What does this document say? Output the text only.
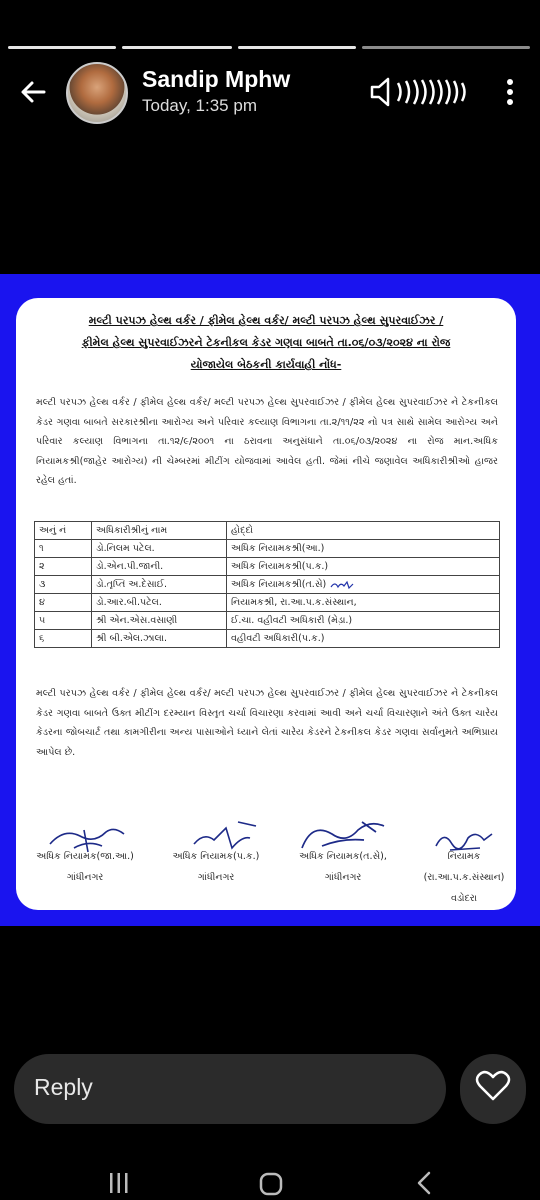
Sandip Mphw
Today, 1:35 pm
મલ્ટી પરપઝ હેલ્થ વર્કર / ફીમેલ હેલ્થ વર્કર/ મલ્ટી પરપઝ હેલ્થ સુપરવાઈઝર /
ફીમેલ હેલ્થ સુપરવાઈઝરને ટેકનીકલ કેડર ગણવા બાબતે તા.૦૬/૦૩/૨૦૨૪ ના રોજ
યોજાયેલ બેઠકની કાર્યવાહી નોંધ-
મલ્ટી પરપઝ હેલ્થ વર્કર / ફીમેલ હેલ્થ વર્કર/ મલ્ટી પરપઝ હેલ્થ સુપરવાઈઝર / ફીમેલ હેલ્થ સુપરવાઈઝર ને ટેકનીકલ કેડર ગણવા બાબતે સરકારશ્રીના આરોગ્ય અને પરિવાર કલ્યાણ વિભાગના તા.૨/૧૧/૨૨ નો પત્ર સાથે સામેલ આરોગ્ય અને પરિવાર કલ્યાણ વિભાગના તા.૧૨/૯/૨૦૦૧ ના ઠરાવના અનુસંધાને તા.૦૬/૦૩/૨૦૨૪ ના રોજ માન.અધિક નિયામકશ્રી(જાહેર આરોગ્ય) ની ચેમ્બરમાં મીટીંગ યોજવામાં આવેલ હતી. જેમાં નીચે જણાવેલ અધિકારીશ્રીઓ હાજર રહેલ હતાં.
અનું નં	અધિકારીશ્રીનું નામ	હોદ્દો
૧	ડો.નિલમ પટેલ.	અધિક નિયામકશ્રી(આ.)
૨	ડો.એન.પી.જાની.	અધિક નિયામકશ્રી(પ.ક.)
૩	ડો.તૃપ્તિ અ.દેસાઈ.	અધિક નિયામકશ્રી(ત.સે)
૪	ડો.આર.બી.પટેલ.	નિયામકશ્રી, રા.આ.પ.ક.સંસ્થાન,
૫	શ્રી એન.એસ.વસાણી	ઈ.ચા. વહીવટી અધિકારી (મેડ઼ા.)
૬	શ્રી બી.એલ.ઝાલા.	વહીવટી અધિકારી(પ.ક.)
મલ્ટી પરપઝ હેલ્થ વર્કર / ફીમેલ હેલ્થ વર્કર/ મલ્ટી પરપઝ હેલ્થ સુપરવાઈઝર / ફીમેલ હેલ્થ સુપરવાઈઝર ને ટેકનીકલ કેડર ગણવા બાબતે ઉક્ત મીટીંગ દરમ્યાન વિસ્તૃત ચર્ચા વિચારણા કરવામાં આવી અને ચર્ચા વિચારણાને અંતે ઉક્ત ચારેય કેડરના જોબચાર્ટ તથા કામગીરીના અન્ય પાસાઓને ધ્યાને લેતાં ચારેય કેડરને ટેકનીકલ કેડર ગણવા સર્વાનુમતે અભિપ્રાય આપેલ છે.
અધિક નિયામક(જા.આ.)
ગાંધીનગર
અધિક નિયામક(પ.ક.)
ગાંધીનગર
અધિક નિયામક(ત.સે),
ગાંધીનગર
નિયામક
(રા.આ.પ.ક.સંસ્થાન)
વડોદરા
Reply
